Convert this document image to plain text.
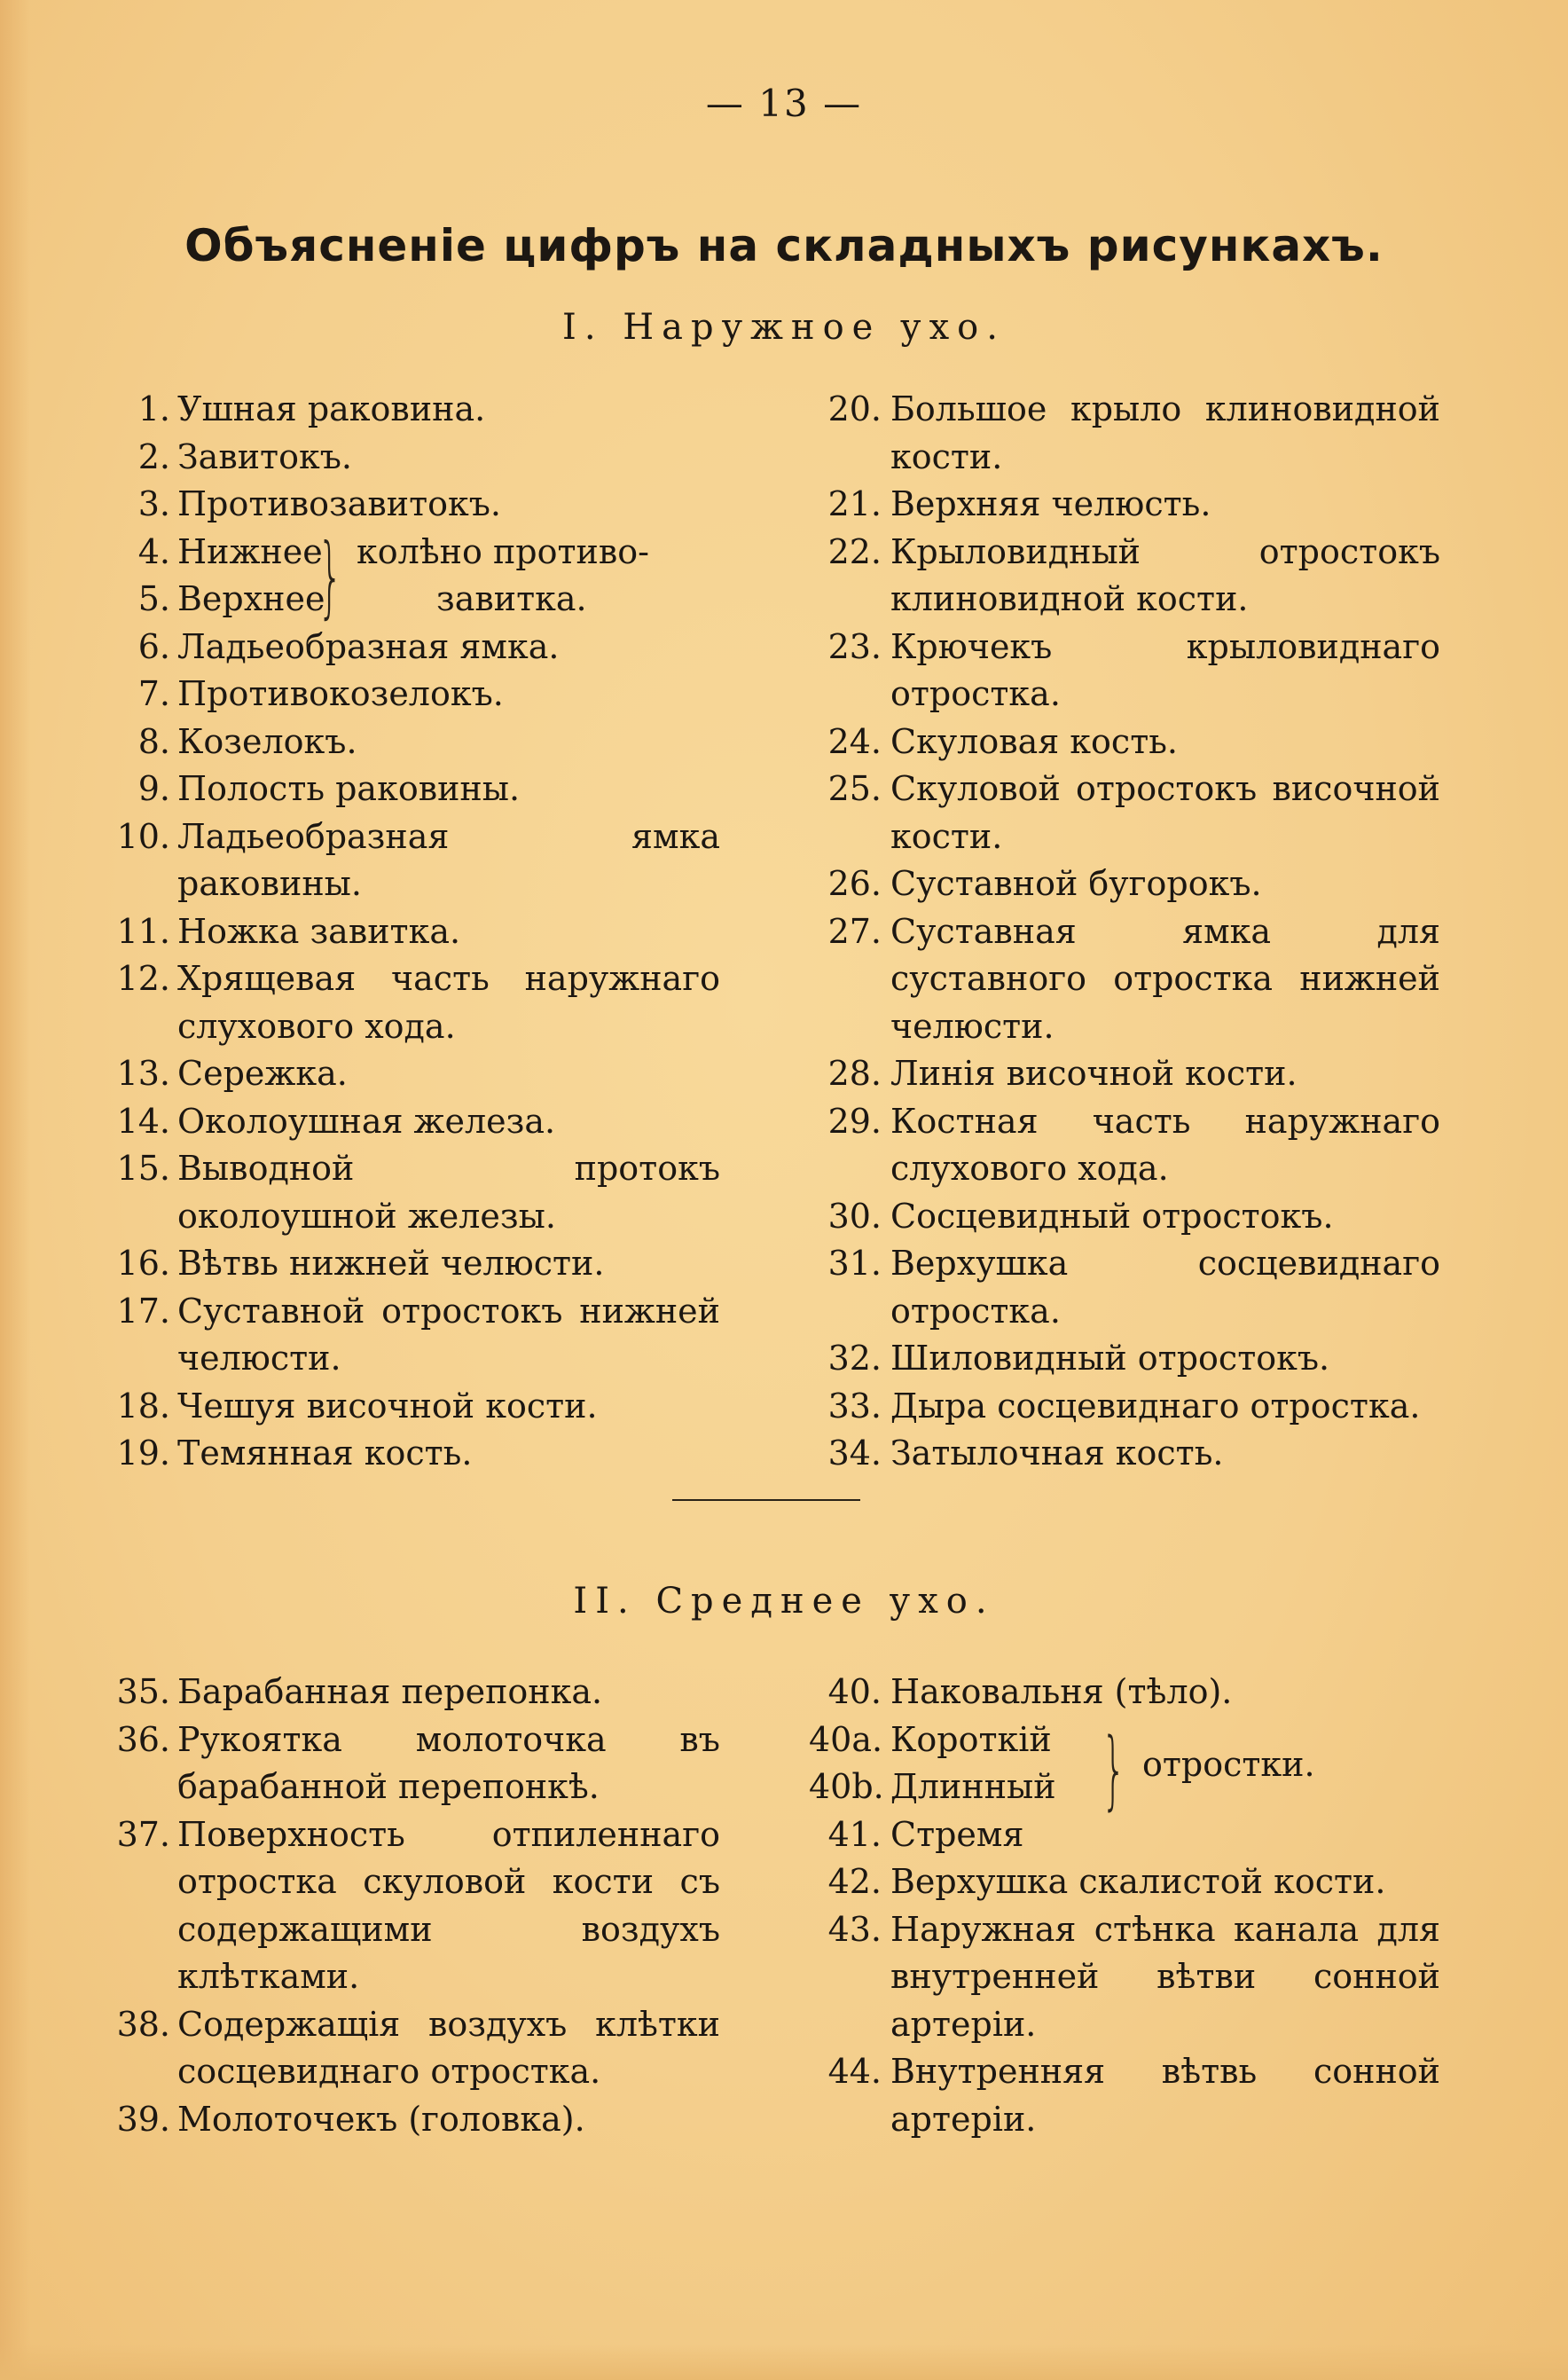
— 13 —
Объясненіе цифръ на складныхъ рисункахъ.
I. Наружное ухо.
1. Ушная раковина.
2. Завитокъ.
3. Противозавитокъ.
4. Нижнее
5. Верхнее
} колѣно противо-
завитка.
6. Ладьеобразная ямка.
7. Противокозелокъ.
8. Козелокъ.
9. Полость раковины.
10. Ладьеобразная ямка раковины.
11. Ножка завитка.
12. Хрящевая часть наружнаго слухового хода.
13. Сережка.
14. Околоушная железа.
15. Выводной протокъ околоушной железы.
16. Вѣтвь нижней челюсти.
17. Суставной отростокъ нижней челюсти.
18. Чешуя височной кости.
19. Темянная кость.
20. Большое крыло клиновидной кости.
21. Верхняя челюсть.
22. Крыловидный отростокъ клиновидной кости.
23. Крючекъ крыловиднаго отростка.
24. Скуловая кость.
25. Скуловой отростокъ височной кости.
26. Суставной бугорокъ.
27. Суставная ямка для суставного отростка нижней челюсти.
28. Линія височной кости.
29. Костная часть наружнаго слухового хода.
30. Сосцевидный отростокъ.
31. Верхушка сосцевиднаго отростка.
32. Шиловидный отростокъ.
33. Дыра сосцевиднаго отростка.
34. Затылочная кость.
II. Среднее ухо.
35. Барабанная перепонка.
36. Рукоятка молоточка въ барабанной перепонкѣ.
37. Поверхность отпиленнаго отростка скуловой кости съ содержащими воздухъ клѣтками.
38. Содержащія воздухъ клѣтки сосцевиднаго отростка.
39. Молоточекъ (головка).
40. Наковальня (тѣло).
40a. Короткій
40b. Длинный } отростки.
41. Стремя
42. Верхушка скалистой кости.
43. Наружная стѣнка канала для внутренней вѣтви сонной артеріи.
44. Внутренняя вѣтвь сонной артеріи.
